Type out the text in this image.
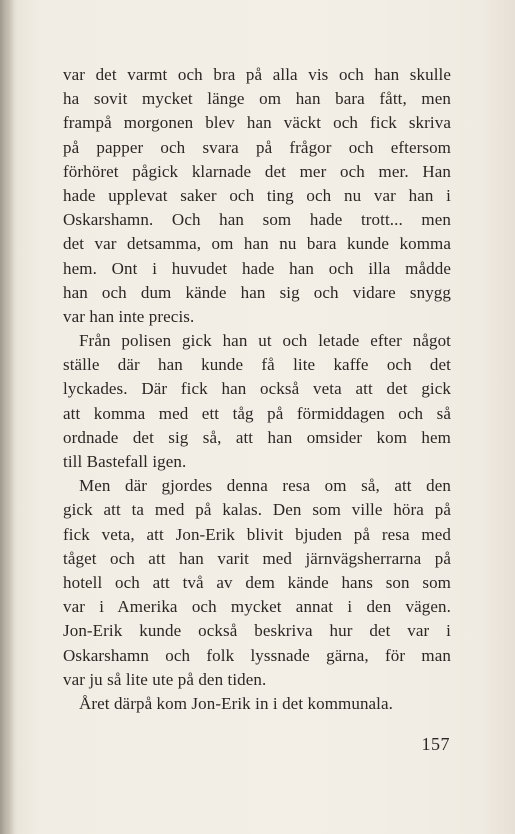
var det varmt och bra på alla vis och han skulle
ha sovit mycket länge om han bara fått, men
frampå morgonen blev han väckt och fick skriva
på papper och svara på frågor och eftersom
förhöret pågick klarnade det mer och mer. Han
hade upplevat saker och ting och nu var han i
Oskarshamn. Och han som hade trott... men
det var detsamma, om han nu bara kunde komma
hem. Ont i huvudet hade han och illa mådde
han och dum kände han sig och vidare snygg
var han inte precis.
Från polisen gick han ut och letade efter något
ställe där han kunde få lite kaffe och det
lyckades. Där fick han också veta att det gick
att komma med ett tåg på förmiddagen och så
ordnade det sig så, att han omsider kom hem
till Bastefall igen.
Men där gjordes denna resa om så, att den
gick att ta med på kalas. Den som ville höra på
fick veta, att Jon-Erik blivit bjuden på resa med
tåget och att han varit med järnvägsherrarna på
hotell och att två av dem kände hans son som
var i Amerika och mycket annat i den vägen.
Jon-Erik kunde också beskriva hur det var i
Oskarshamn och folk lyssnade gärna, för man
var ju så lite ute på den tiden.
Året därpå kom Jon-Erik in i det kommunala.
157
